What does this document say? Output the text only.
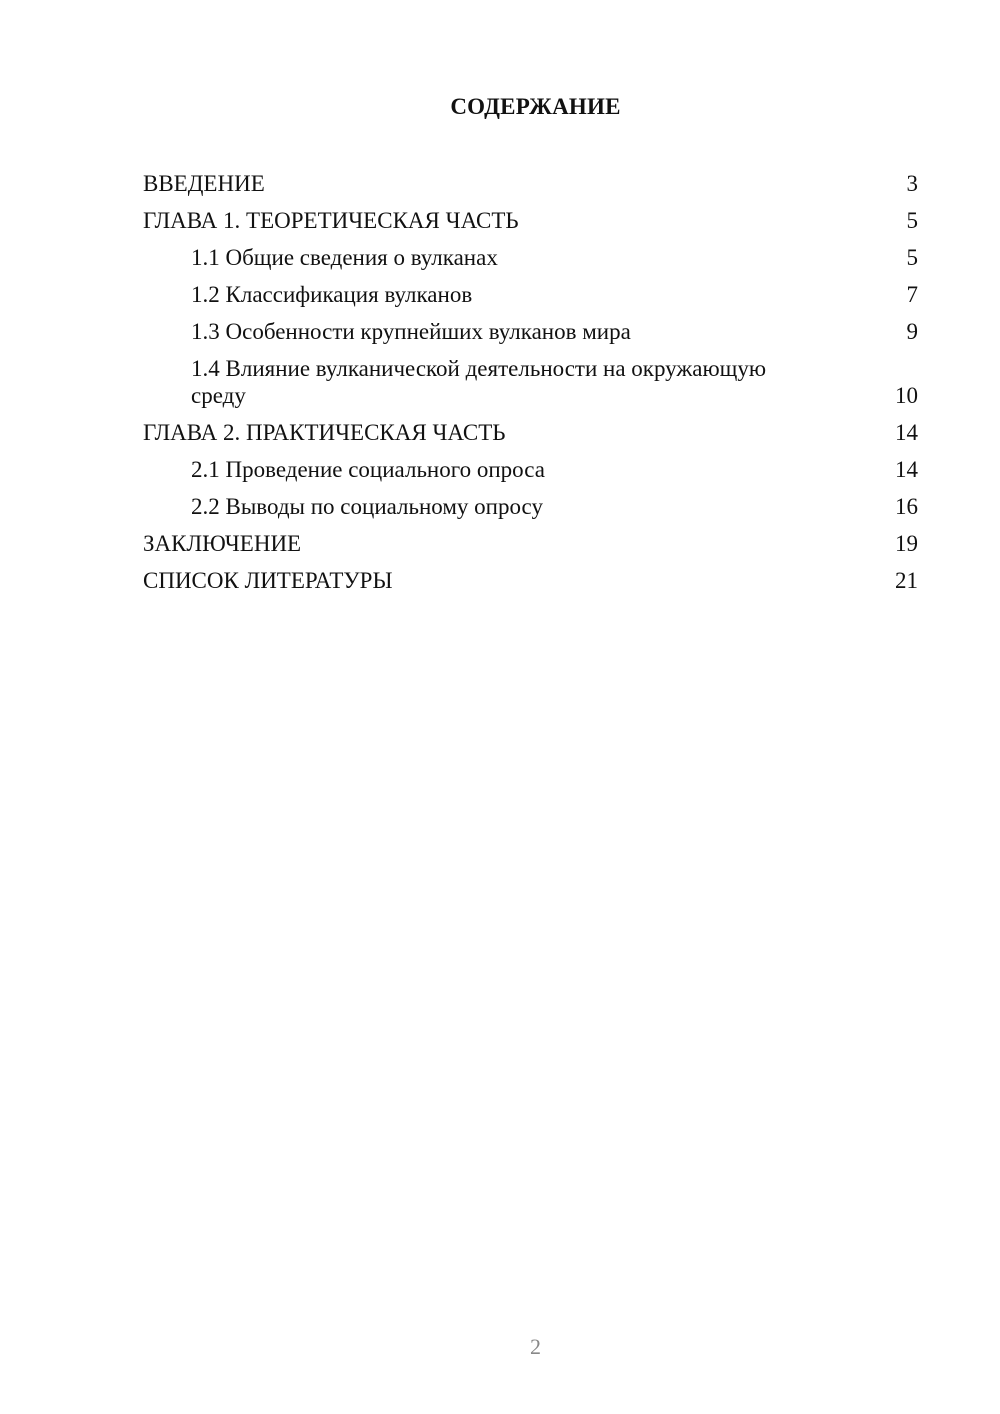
СОДЕРЖАНИЕ
ВВЕДЕНИЕ	3
ГЛАВА 1. ТЕОРЕТИЧЕСКАЯ ЧАСТЬ	5
1.1 Общие сведения о вулканах	5
1.2 Классификация вулканов	7
1.3 Особенности крупнейших вулканов мира	9
1.4 Влияние вулканической деятельности на окружающую среду	10
ГЛАВА 2. ПРАКТИЧЕСКАЯ ЧАСТЬ	14
2.1 Проведение социального опроса	14
2.2 Выводы по социальному опросу	16
ЗАКЛЮЧЕНИЕ	19
СПИСОК ЛИТЕРАТУРЫ	21
2
